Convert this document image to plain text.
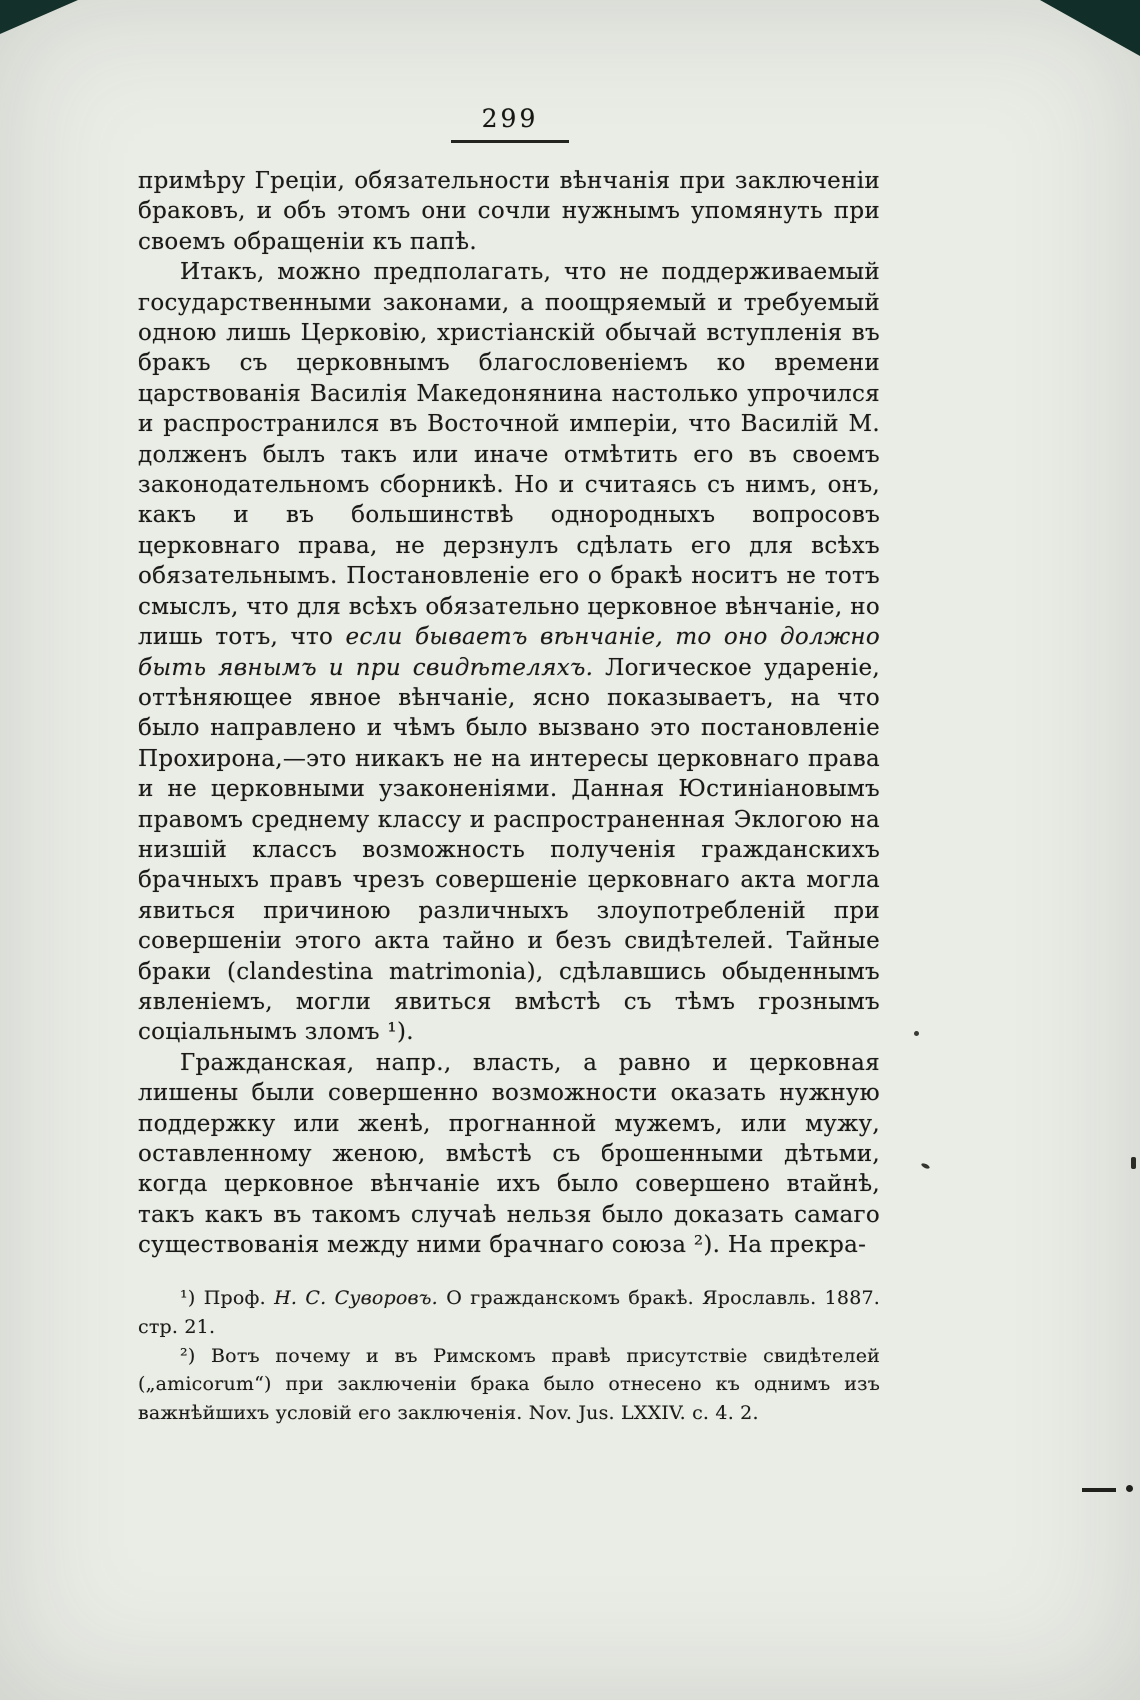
299

примѣру Греціи, обязательности вѣнчанія при заключеніи браковъ, и объ этомъ они сочли нужнымъ упомянуть при своемъ обращеніи къ папѣ.

Итакъ, можно предполагать, что не поддерживаемый государственными законами, а поощряемый и требуемый одною лишь Церковію, христіанскій обычай вступленія въ бракъ съ церковнымъ благословеніемъ ко времени царствованія Василія Македонянина настолько упрочился и распространился въ Восточной имперіи, что Василій М. долженъ былъ такъ или иначе отмѣтить его въ своемъ законодательномъ сборникѣ. Но и считаясь съ нимъ, онъ, какъ и въ большинствѣ однородныхъ вопросовъ церковнаго права, не дерзнулъ сдѣлать его для всѣхъ обязательнымъ. Постановленіе его о бракѣ носитъ не тотъ смыслъ, что для всѣхъ обязательно церковное вѣнчаніе, но лишь тотъ, что если бываетъ вѣнчаніе, то оно должно быть явнымъ и при свидѣтеляхъ. Логическое удареніе, оттѣняющее явное вѣнчаніе, ясно показываетъ, на что было направлено и чѣмъ было вызвано это постановленіе Прохирона,—это никакъ не на интересы церковнаго права и не церковными узаконеніями. Данная Юстиніановымъ правомъ среднему классу и распространенная Эклогою на низшій классъ возможность полученія гражданскихъ брачныхъ правъ чрезъ совершеніе церковнаго акта могла явиться причиною различныхъ злоупотребленій при совершеніи этого акта тайно и безъ свидѣтелей. Тайные браки (clandestina matrimonia), сдѣлавшись обыденнымъ явленіемъ, могли явиться вмѣстѣ съ тѣмъ грознымъ соціальнымъ зломъ ¹).

Гражданская, напр., власть, а равно и церковная лишены были совершенно возможности оказать нужную поддержку или женѣ, прогнанной мужемъ, или мужу, оставленному женою, вмѣстѣ съ брошенными дѣтьми, когда церковное вѣнчаніе ихъ было совершено втайнѣ, такъ какъ въ такомъ случаѣ нельзя было доказать самаго существованія между ними брачнаго союза ²). На прекра-

¹) Проф. Н. С. Суворовъ. О гражданскомъ бракѣ. Ярославль. 1887. стр. 21.

²) Вотъ почему и въ Римскомъ правѣ присутствіе свидѣтелей („amicorum“) при заключеніи брака было отнесено къ однимъ изъ важнѣйшихъ условій его заключенія. Nov. Jus. LXXIV. c. 4. 2.
